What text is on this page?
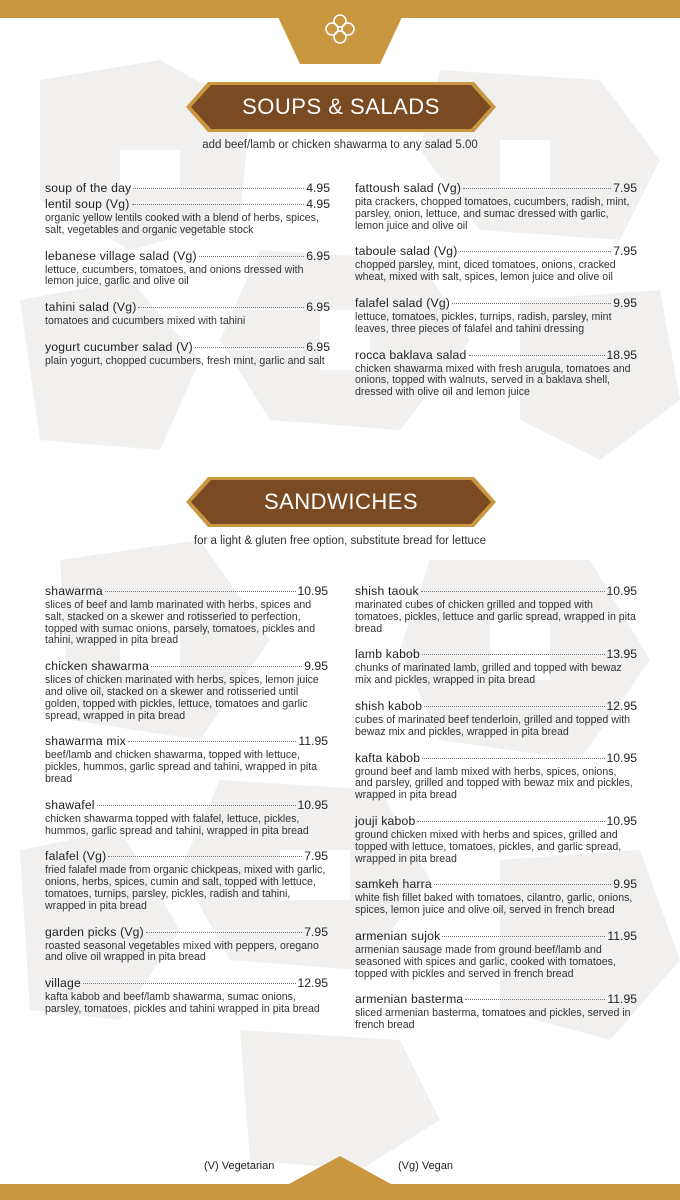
SOUPS & SALADS
add beef/lamb or chicken shawarma to any salad 5.00
soup of the day	4.95
lentil soup (Vg)	4.95
organic yellow lentils cooked with a blend of herbs, spices, salt, vegetables and organic vegetable stock
lebanese village salad (Vg)	6.95
lettuce, cucumbers, tomatoes, and onions dressed with lemon juice, garlic and olive oil
tahini salad (Vg)	6.95
tomatoes and cucumbers mixed with tahini
yogurt cucumber salad (V)	6.95
plain yogurt, chopped cucumbers, fresh mint, garlic and salt
fattoush salad (Vg)	7.95
pita crackers, chopped tomatoes, cucumbers, radish, mint, parsley, onion, lettuce, and sumac dressed with garlic, lemon juice and olive oil
taboule salad (Vg)	7.95
chopped parsley, mint, diced tomatoes, onions, cracked wheat, mixed with salt, spices, lemon juice and olive oil
falafel salad (Vg)	9.95
lettuce, tomatoes, pickles, turnips, radish, parsley, mint leaves, three pieces of falafel and tahini dressing
rocca baklava salad	18.95
chicken shawarma mixed with fresh arugula, tomatoes and onions, topped with walnuts, served in a baklava shell, dressed with olive oil and lemon juice
SANDWICHES
for a light & gluten free option, substitute bread for lettuce
shawarma	10.95
slices of beef and lamb marinated with herbs, spices and salt, stacked on a skewer and rotisseried to perfection, topped with sumac onions, parsely, tomatoes, pickles and tahini, wrapped in pita bread
chicken shawarma	9.95
slices of chicken marinated with herbs, spices, lemon juice and olive oil, stacked on a skewer and rotisseried until golden, topped with pickles, lettuce, tomatoes and garlic spread, wrapped in pita bread
shawarma mix	11.95
beef/lamb and chicken shawarma, topped with lettuce, pickles, hummos, garlic spread and tahini, wrapped in pita bread
shawafel	10.95
chicken shawarma topped with falafel, lettuce, pickles, hummos, garlic spread and tahini, wrapped in pita bread
falafel (Vg)	7.95
fried falafel made from organic chickpeas, mixed with garlic, onions, herbs, spices, cumin and salt, topped with lettuce, tomatoes, turnips, parsley, pickles, radish and tahini, wrapped in pita bread
garden picks (Vg)	7.95
roasted seasonal vegetables mixed with peppers, oregano and olive oil wrapped in pita bread
village	12.95
kafta kabob and beef/lamb shawarma, sumac onions, parsley, tomatoes, pickles and tahini wrapped in pita bread
shish taouk	10.95
marinated cubes of chicken grilled and topped with tomatoes, pickles, lettuce and garlic spread, wrapped in pita bread
lamb kabob	13.95
chunks of marinated lamb, grilled and topped with bewaz mix and pickles, wrapped in pita bread
shish kabob	12.95
cubes of marinated beef tenderloin, grilled and topped with bewaz mix and pickles, wrapped in pita bread
kafta kabob	10.95
ground beef and lamb mixed with herbs, spices, onions, and parsley, grilled and topped with bewaz mix and pickles, wrapped in pita bread
jouji kabob	10.95
ground chicken mixed with herbs and spices, grilled and topped with lettuce, tomatoes, pickles, and garlic spread, wrapped in pita bread
samkeh harra	9.95
white fish fillet baked with tomatoes, cilantro, garlic, onions, spices, lemon juice and olive oil, served in french bread
armenian sujok	11.95
armenian sausage made from ground beef/lamb and seasoned with spices and garlic, cooked with tomatoes, topped with pickles and served in french bread
armenian basterma	11.95
sliced armenian basterma, tomatoes and pickles, served in french bread
(V) Vegetarian	(Vg) Vegan
